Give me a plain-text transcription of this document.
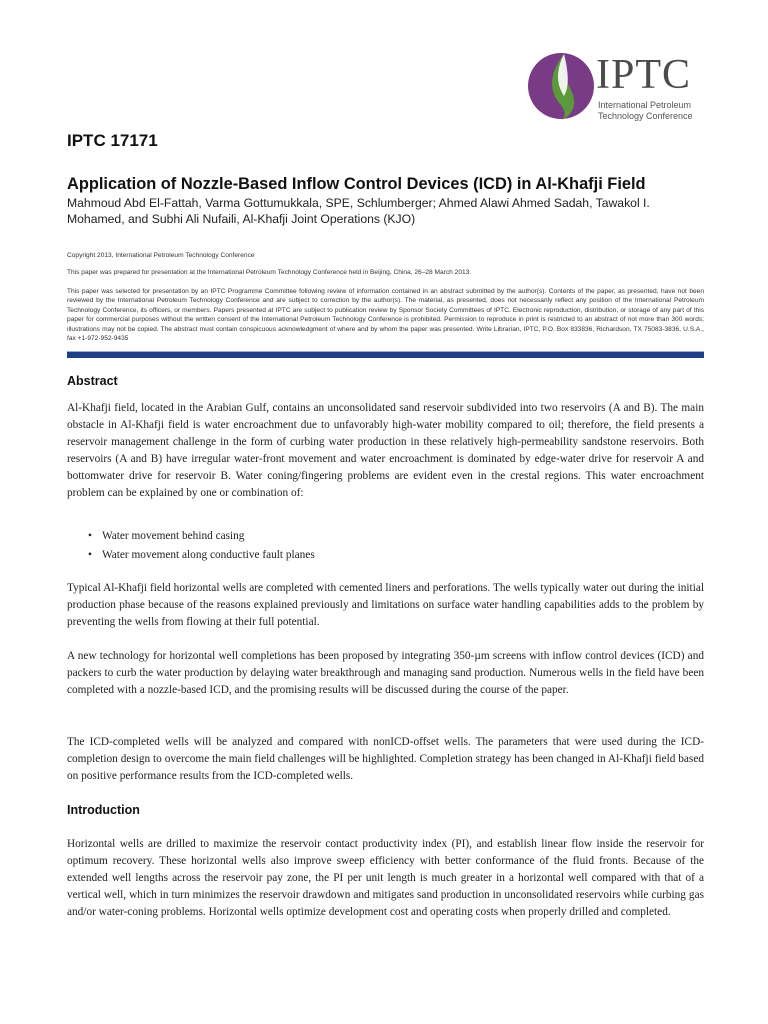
IPTC
International Petroleum
Technology Conference
IPTC 17171
Application of Nozzle-Based Inflow Control Devices (ICD) in Al-Khafji Field
Mahmoud Abd El-Fattah, Varma Gottumukkala, SPE, Schlumberger; Ahmed Alawi Ahmed Sadah, Tawakol I.
Mohamed, and Subhi Ali Nufaili, Al-Khafji Joint Operations (KJO)
Copyright 2013, International Petroleum Technology Conference
This paper was prepared for presentation at the International Petroleum Technology Conference held in Beijing, China, 26–28 March 2013.
This paper was selected for presentation by an IPTC Programme Committee following review of information contained in an abstract submitted by the author(s). Contents of the paper, as presented, have not been reviewed by the International Petroleum Technology Conference and are subject to correction by the author(s). The material, as presented, does not necessarily reflect any position of the International Petroleum Technology Conference, its officers, or members. Papers presented at IPTC are subject to publication review by Sponsor Society Committees of IPTC. Electronic reproduction, distribution, or storage of any part of this paper for commercial purposes without the written consent of the International Petroleum Technology Conference is prohibited. Permission to reproduce in print is restricted to an abstract of not more than 300 words; illustrations may not be copied. The abstract must contain conspicuous acknowledgment of where and by whom the paper was presented. Write Librarian, IPTC, P.O. Box 833836, Richardson, TX 75083-3836, U.S.A., fax +1-972-952-9435
Abstract
Al-Khafji field, located in the Arabian Gulf, contains an unconsolidated sand reservoir subdivided into two reservoirs (A and B). The main obstacle in Al-Khafji field is water encroachment due to unfavorably high-water mobility compared to oil; therefore, the field presents a reservoir management challenge in the form of curbing water production in these relatively high-permeability sandstone reservoirs. Both reservoirs (A and B) have irregular water-front movement and water encroachment is dominated by edge-water drive for reservoir A and bottomwater drive for reservoir B. Water coning/fingering problems are evident even in the crestal regions. This water encroachment problem can be explained by one or combination of:
• Water movement behind casing
• Water movement along conductive fault planes
Typical Al-Khafji field horizontal wells are completed with cemented liners and perforations. The wells typically water out during the initial production phase because of the reasons explained previously and limitations on surface water handling capabilities adds to the problem by preventing the wells from flowing at their full potential.
A new technology for horizontal well completions has been proposed by integrating 350-µm screens with inflow control devices (ICD) and packers to curb the water production by delaying water breakthrough and managing sand production. Numerous wells in the field have been completed with a nozzle-based ICD, and the promising results will be discussed during the course of the paper.
The ICD-completed wells will be analyzed and compared with nonICD-offset wells. The parameters that were used during the ICD-completion design to overcome the main field challenges will be highlighted. Completion strategy has been changed in Al-Khafji field based on positive performance results from the ICD-completed wells.
Introduction
Horizontal wells are drilled to maximize the reservoir contact productivity index (PI), and establish linear flow inside the reservoir for optimum recovery. These horizontal wells also improve sweep efficiency with better conformance of the fluid fronts. Because of the extended well lengths across the reservoir pay zone, the PI per unit length is much greater in a horizontal well compared with that of a vertical well, which in turn minimizes the reservoir drawdown and mitigates sand production in unconsolidated reservoirs while curbing gas and/or water-coning problems. Horizontal wells optimize development cost and operating costs when properly drilled and completed.
